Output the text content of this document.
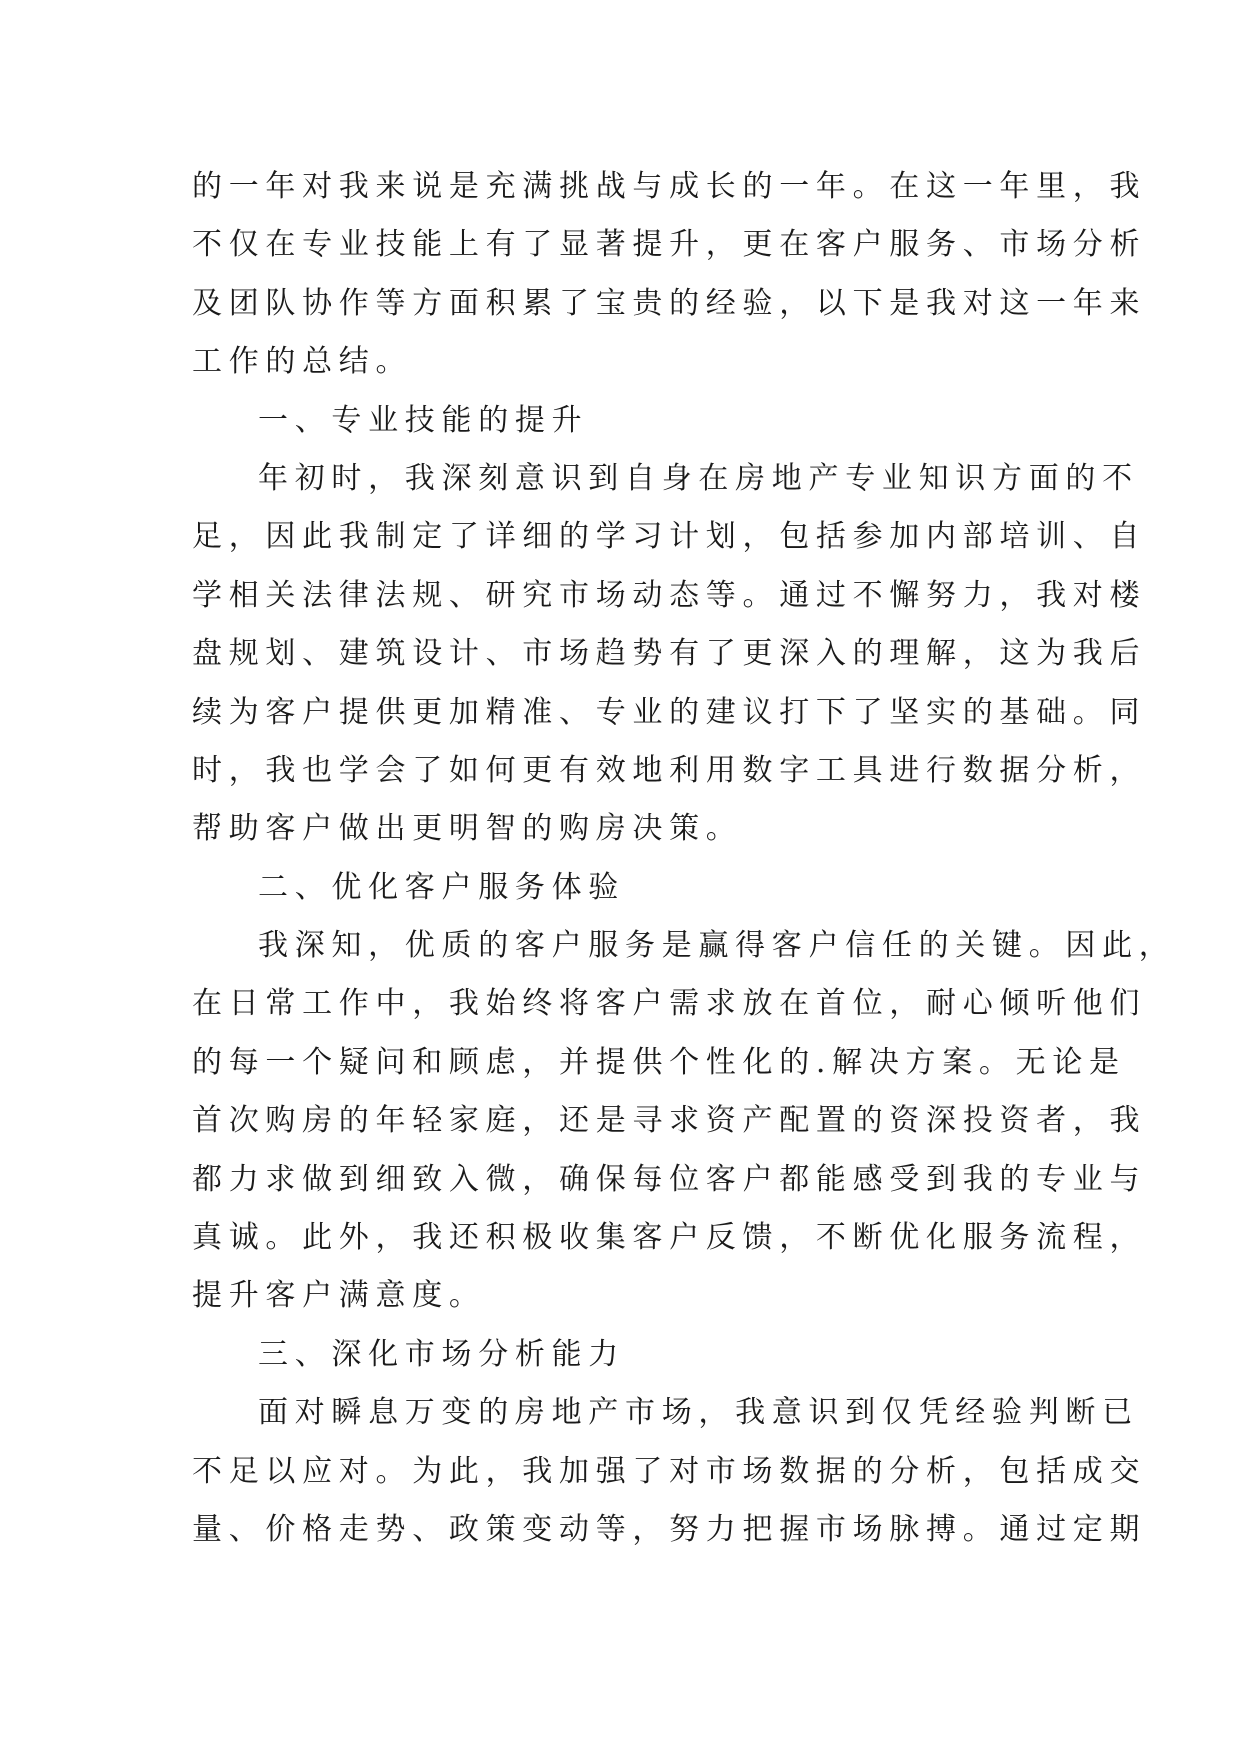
的一年对我来说是充满挑战与成长的一年。在这一年里，我
不仅在专业技能上有了显著提升，更在客户服务、市场分析
及团队协作等方面积累了宝贵的经验，以下是我对这一年来
工作的总结。
一、专业技能的提升
年初时，我深刻意识到自身在房地产专业知识方面的不
足，因此我制定了详细的学习计划，包括参加内部培训、自
学相关法律法规、研究市场动态等。通过不懈努力，我对楼
盘规划、建筑设计、市场趋势有了更深入的理解，这为我后
续为客户提供更加精准、专业的建议打下了坚实的基础。同
时，我也学会了如何更有效地利用数字工具进行数据分析，
帮助客户做出更明智的购房决策。
二、优化客户服务体验
我深知，优质的客户服务是赢得客户信任的关键。因此，
在日常工作中，我始终将客户需求放在首位，耐心倾听他们
的每一个疑问和顾虑，并提供个性化的.解决方案。无论是
首次购房的年轻家庭，还是寻求资产配置的资深投资者，我
都力求做到细致入微，确保每位客户都能感受到我的专业与
真诚。此外，我还积极收集客户反馈，不断优化服务流程，
提升客户满意度。
三、深化市场分析能力
面对瞬息万变的房地产市场，我意识到仅凭经验判断已
不足以应对。为此，我加强了对市场数据的分析，包括成交
量、价格走势、政策变动等，努力把握市场脉搏。通过定期
